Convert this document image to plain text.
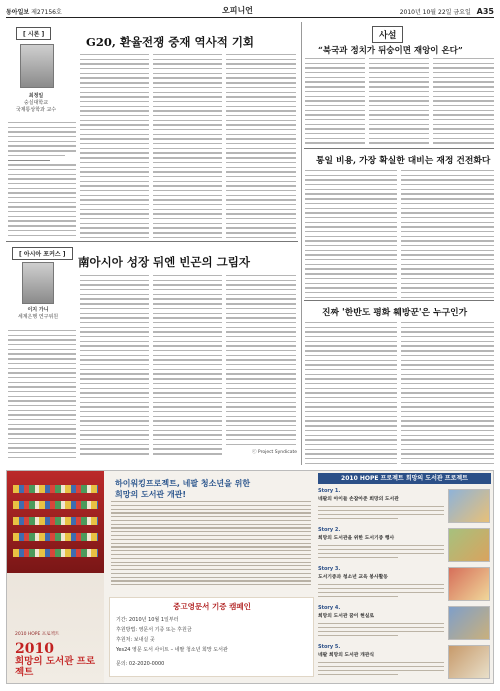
동아일보 제27156호	오피니언	2010년 10월 22일 금요일 A35
[ 시론 ]
최정일
숭실대학교
국제통상학과 교수
G20, 환율전쟁 중재 역사적 기회	사설
“북국과 정치가 뒤숭이면 재앙이 온다”
통일 비용, 가장 확실한 대비는 재정 건전화다
진짜 '한반도 평화 훼방꾼'은 누구인가
[ 아시아 포커스 ]
이지 가니
세계은행 연구위원
南아시아 성장 뒤엔 빈곤의 그림자
ⓒ Project Syndicate
2010 HOPE 프로젝트
2010
희망의 도서관 프로젝트
하이워킹프로젝트, 네팔 청소년을 위한
희망의 도서관 개관!
중고영문서 기증 캠페인
기간: 2010년 10월 1일부터
후원방법: 영문서 기증 또는 후원금
후원처: 보내실 곳
Yes24 영문 도서 사이트 – 네팔 청소년 희망 도서관
문의: 02-2020-0000
2010 HOPE 프로젝트 희망의 도서관 프로젝트
Story 1.
네팔의 아이들 손잡아준 희망의 도서관
Story 2.
희망의 도서관을 위한 도서기증 행사
Story 3.
도서기증과 청소년 교육 봉사활동
Story 4.
희망의 도서관 꿈이 현실로
Story 5.
네팔 희망의 도서관 개관식
